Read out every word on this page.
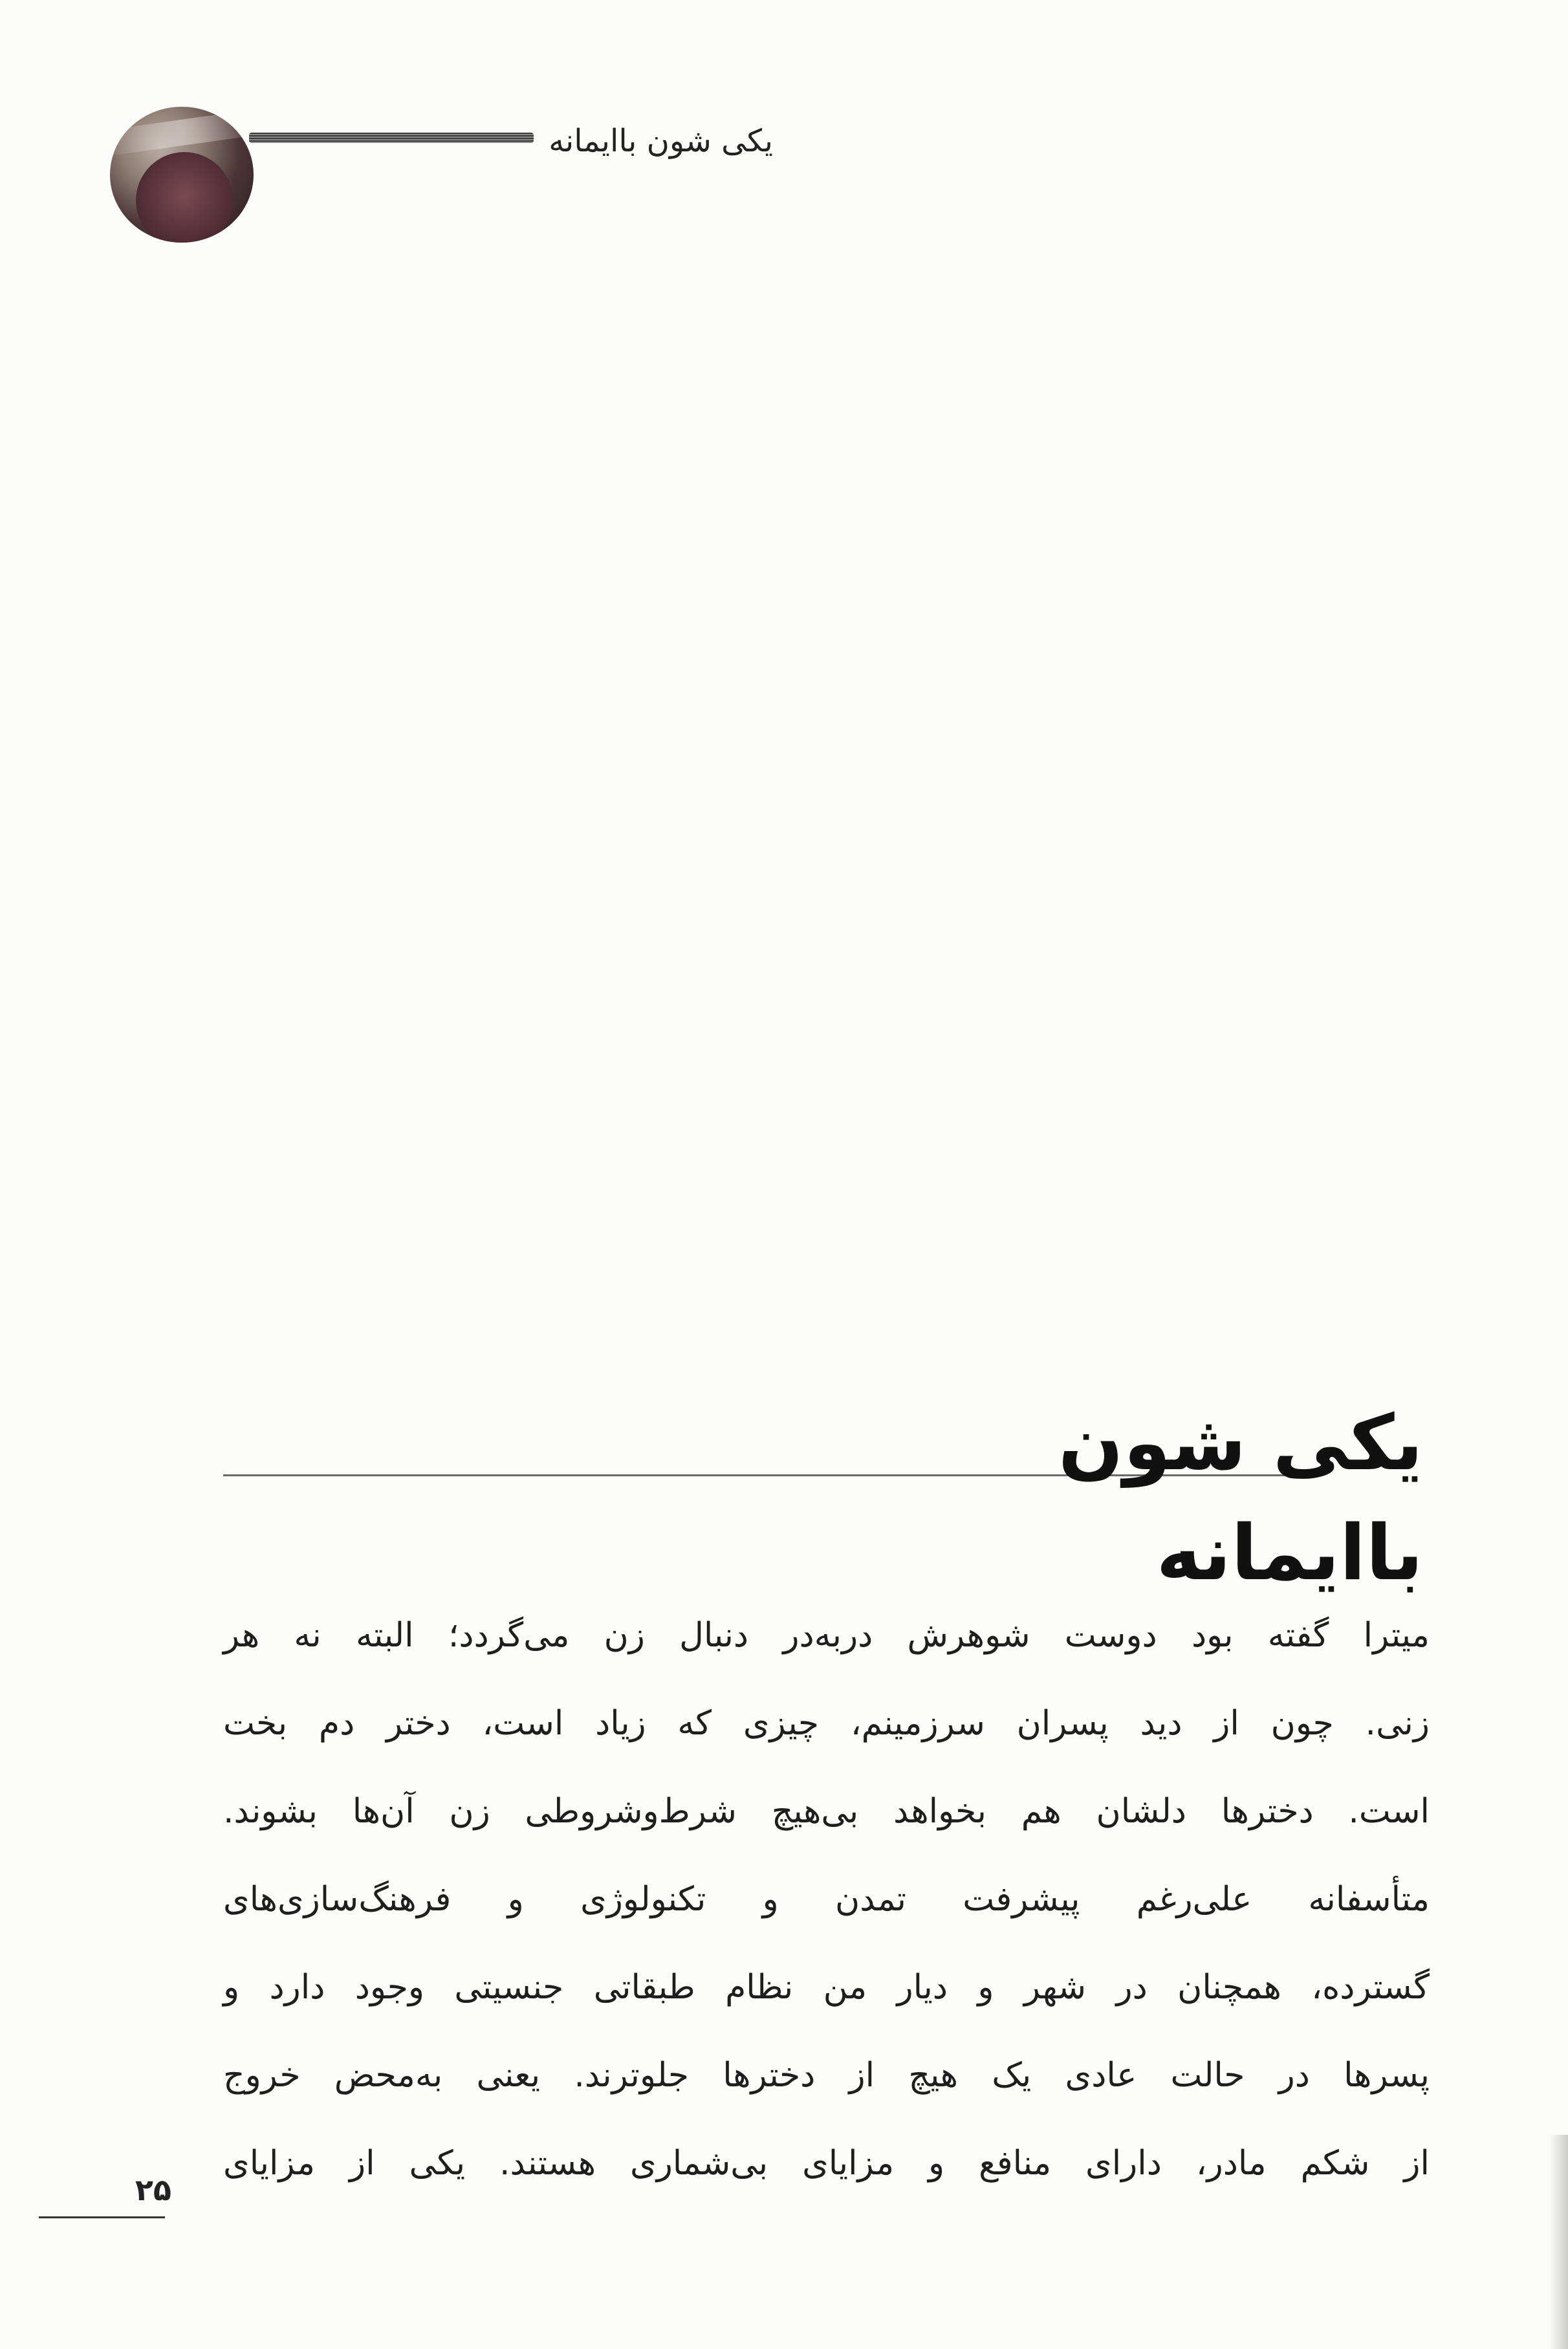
یکی شون باایمانه
یکی شون باایمانه
میترا گفته بود دوست شوهرش دربه‌در دنبال زن می‌گردد؛ البته نه هر
زنی. چون از دید پسران سرزمینم، چیزی که زیاد است، دختر دم بخت
است. دخترها دلشان هم بخواهد بی‌هیچ شرط‌وشروطی زن آن‌ها بشوند.
متأسفانه علی‌رغم پیشرفت تمدن و تکنولوژی و فرهنگ‌سازی‌های
گسترده، همچنان در شهر و دیار من نظام طبقاتی جنسیتی وجود دارد و
پسرها در حالت عادی یک هیچ از دخترها جلوترند. یعنی به‌محض خروج
از شکم مادر، دارای منافع و مزایای بی‌شماری هستند. یکی از مزایای
۲۵
